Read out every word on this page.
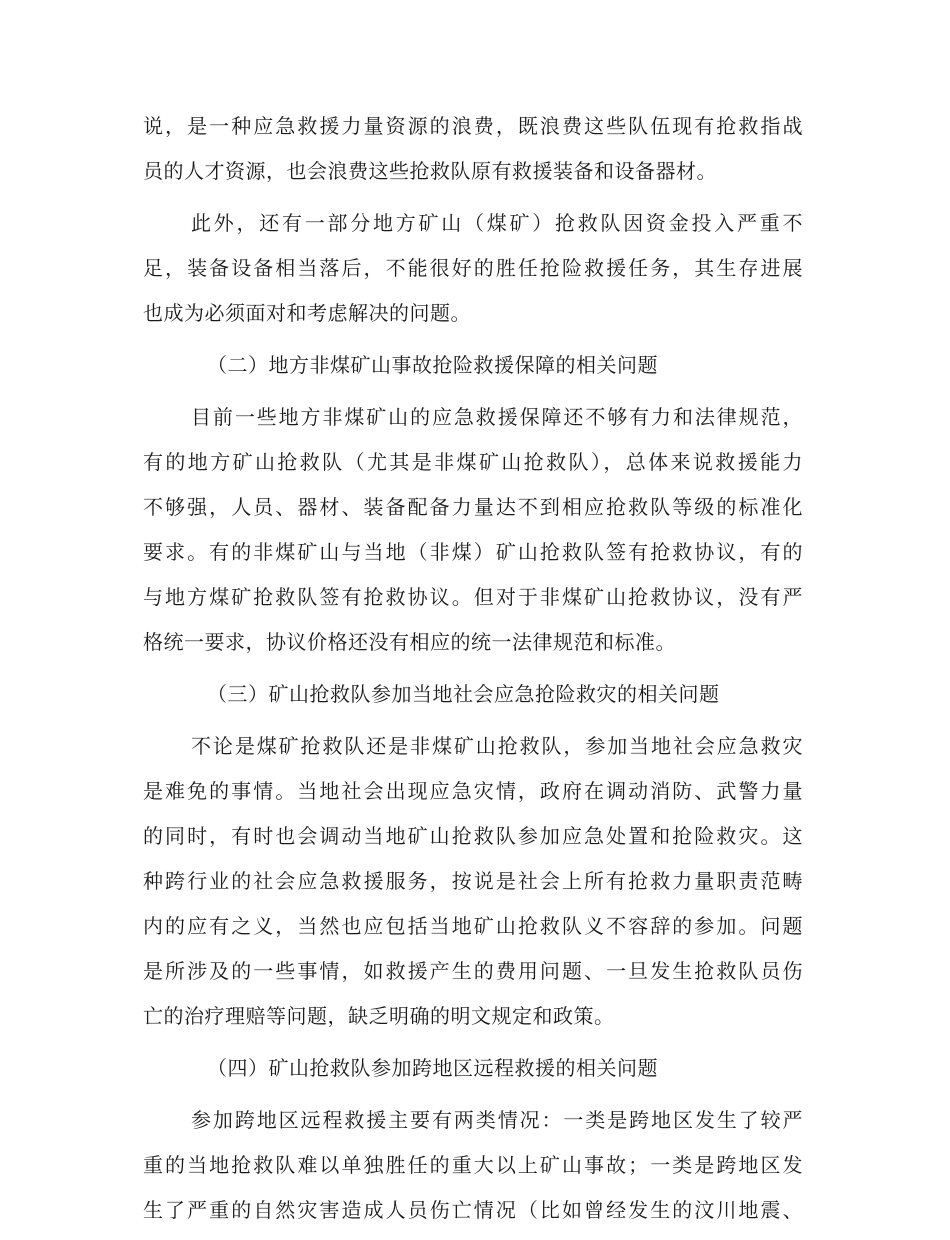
说，是一种应急救援力量资源的浪费，既浪费这些队伍现有抢救指战
员的人才资源，也会浪费这些抢救队原有救援装备和设备器材。
此外，还有一部分地方矿山（煤矿）抢救队因资金投入严重不
足，装备设备相当落后，不能很好的胜任抢险救援任务，其生存进展
也成为必须面对和考虑解决的问题。
（二）地方非煤矿山事故抢险救援保障的相关问题
目前一些地方非煤矿山的应急救援保障还不够有力和法律规范，
有的地方矿山抢救队（尤其是非煤矿山抢救队），总体来说救援能力
不够强，人员、器材、装备配备力量达不到相应抢救队等级的标准化
要求。有的非煤矿山与当地（非煤）矿山抢救队签有抢救协议，有的
与地方煤矿抢救队签有抢救协议。但对于非煤矿山抢救协议，没有严
格统一要求，协议价格还没有相应的统一法律规范和标准。
（三）矿山抢救队参加当地社会应急抢险救灾的相关问题
不论是煤矿抢救队还是非煤矿山抢救队，参加当地社会应急救灾
是难免的事情。当地社会出现应急灾情，政府在调动消防、武警力量
的同时，有时也会调动当地矿山抢救队参加应急处置和抢险救灾。这
种跨行业的社会应急救援服务，按说是社会上所有抢救力量职责范畴
内的应有之义，当然也应包括当地矿山抢救队义不容辞的参加。问题
是所涉及的一些事情，如救援产生的费用问题、一旦发生抢救队员伤
亡的治疗理赔等问题，缺乏明确的明文规定和政策。
（四）矿山抢救队参加跨地区远程救援的相关问题
参加跨地区远程救援主要有两类情况：一类是跨地区发生了较严
重的当地抢救队难以单独胜任的重大以上矿山事故；一类是跨地区发
生了严重的自然灾害造成人员伤亡情况（比如曾经发生的汶川地震、
